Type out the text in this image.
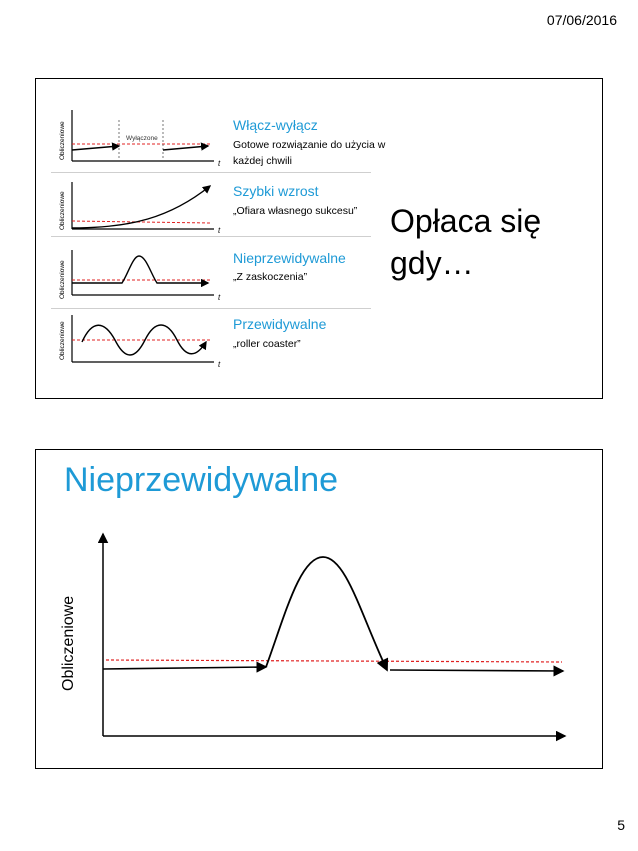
07/06/2016
Wyłączone
Obliczeniowe
t
Obliczeniowe
t
Obliczeniowe	t
Obliczeniowe
t
Włącz-wyłącz
Gotowe rozwiązanie do użycia w każdej chwili
Szybki wzrost
„Ofiara własnego sukcesu”
Nieprzewidywalne
„Z zaskoczenia”
Przewidywalne
„roller coaster”
Opłaca się
gdy…
Nieprzewidywalne
Obliczeniowe
5
